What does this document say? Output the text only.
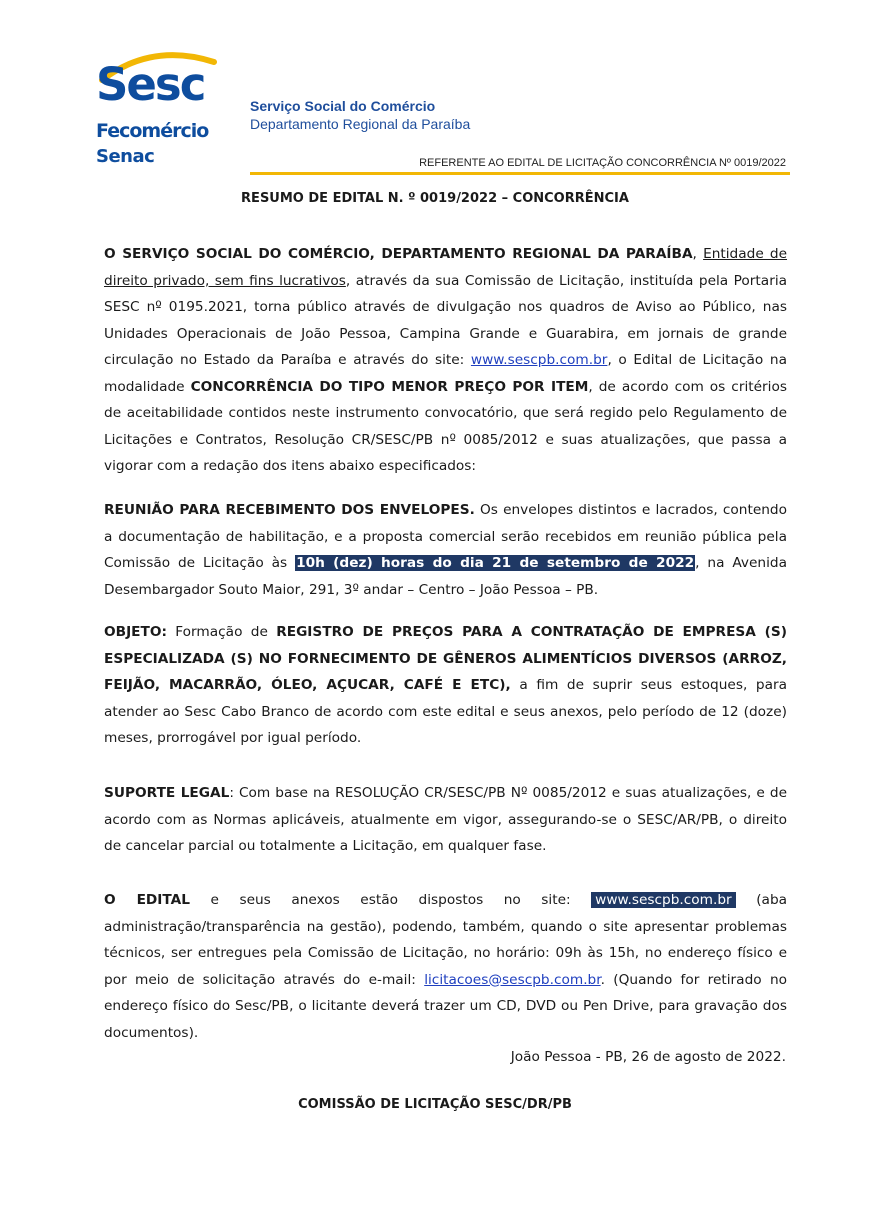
Sesc
Fecomércio
Senac
Serviço Social do Comércio
Departamento Regional da Paraíba
REFERENTE AO EDITAL DE LICITAÇÃO CONCORRÊNCIA Nº 0019/2022
RESUMO DE EDITAL N. º 0019/2022 – CONCORRÊNCIA
O SERVIÇO SOCIAL DO COMÉRCIO, DEPARTAMENTO REGIONAL DA PARAÍBA, Entidade de direito privado, sem fins lucrativos, através da sua Comissão de Licitação, instituída pela Portaria SESC nº 0195.2021, torna público através de divulgação nos quadros de Aviso ao Público, nas Unidades Operacionais de João Pessoa, Campina Grande e Guarabira, em jornais de grande circulação no Estado da Paraíba e através do site: www.sescpb.com.br, o Edital de Licitação na modalidade CONCORRÊNCIA DO TIPO MENOR PREÇO POR ITEM, de acordo com os critérios de aceitabilidade contidos neste instrumento convocatório, que será regido pelo Regulamento de Licitações e Contratos, Resolução CR/SESC/PB nº 0085/2012 e suas atualizações, que passa a vigorar com a redação dos itens abaixo especificados:
REUNIÃO PARA RECEBIMENTO DOS ENVELOPES. Os envelopes distintos e lacrados, contendo a documentação de habilitação, e a proposta comercial serão recebidos em reunião pública pela Comissão de Licitação às 10h (dez) horas do dia 21 de setembro de 2022, na Avenida Desembargador Souto Maior, 291, 3º andar – Centro – João Pessoa – PB.
OBJETO: Formação de REGISTRO DE PREÇOS PARA A CONTRATAÇÃO DE EMPRESA (S) ESPECIALIZADA (S) NO FORNECIMENTO DE GÊNEROS ALIMENTÍCIOS DIVERSOS (ARROZ, FEIJÃO, MACARRÃO, ÓLEO, AÇUCAR, CAFÉ E ETC), a fim de suprir seus estoques, para atender ao Sesc Cabo Branco de acordo com este edital e seus anexos, pelo período de 12 (doze) meses, prorrogável por igual período.
SUPORTE LEGAL: Com base na RESOLUÇÃO CR/SESC/PB Nº 0085/2012 e suas atualizações, e de acordo com as Normas aplicáveis, atualmente em vigor, assegurando-se o SESC/AR/PB, o direito de cancelar parcial ou totalmente a Licitação, em qualquer fase.
O EDITAL e seus anexos estão dispostos no site: www.sescpb.com.br (aba administração/transparência na gestão), podendo, também, quando o site apresentar problemas técnicos, ser entregues pela Comissão de Licitação, no horário: 09h às 15h, no endereço físico e por meio de solicitação através do e-mail: licitacoes@sescpb.com.br. (Quando for retirado no endereço físico do Sesc/PB, o licitante deverá trazer um CD, DVD ou Pen Drive, para gravação dos documentos).
João Pessoa - PB, 26 de agosto de 2022.
COMISSÃO DE LICITAÇÃO SESC/DR/PB
